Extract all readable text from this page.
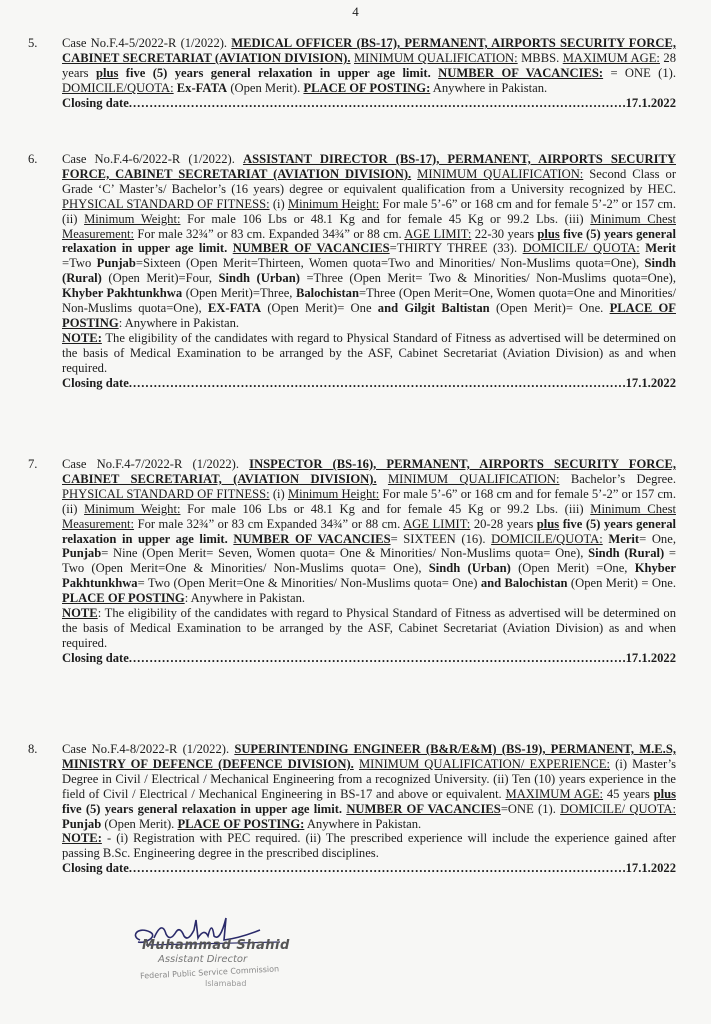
4
5. Case No.F.4-5/2022-R (1/2022). MEDICAL OFFICER (BS-17), PERMANENT, AIRPORTS SECURITY FORCE, CABINET SECRETARIAT (AVIATION DIVISION). MINIMUM QUALIFICATION: MBBS. MAXIMUM AGE: 28 years plus five (5) years general relaxation in upper age limit. NUMBER OF VACANCIES: = ONE (1). DOMICILE/QUOTA: Ex-FATA (Open Merit). PLACE OF POSTING: Anywhere in Pakistan.
Closing date .....	17.1.2022
6. Case No.F.4-6/2022-R (1/2022). ASSISTANT DIRECTOR (BS-17), PERMANENT, AIRPORTS SECURITY FORCE, CABINET SECRETARIAT (AVIATION DIVISION). MINIMUM QUALIFICATION: Second Class or Grade ‘C’ Master’s/ Bachelor’s (16 years) degree or equivalent qualification from a University recognized by HEC. PHYSICAL STANDARD OF FITNESS: (i) Minimum Height: For male 5’-6” or 168 cm and for female 5’-2” or 157 cm. (ii) Minimum Weight: For male 106 Lbs or 48.1 Kg and for female 45 Kg or 99.2 Lbs. (iii) Minimum Chest Measurement: For male 32¾” or 83 cm. Expanded 34¾” or 88 cm. AGE LIMIT: 22-30 years plus five (5) years general relaxation in upper age limit. NUMBER OF VACANCIES=THIRTY THREE (33). DOMICILE/ QUOTA: Merit =Two Punjab=Sixteen (Open Merit=Thirteen, Women quota=Two and Minorities/ Non-Muslims quota=One), Sindh (Rural) (Open Merit)=Four, Sindh (Urban) =Three (Open Merit= Two & Minorities/ Non-Muslims quota=One), Khyber Pakhtunkhwa (Open Merit)=Three, Balochistan=Three (Open Merit=One, Women quota=One and Minorities/ Non-Muslims quota=One), EX-FATA (Open Merit)= One and Gilgit Baltistan (Open Merit)= One. PLACE OF POSTING: Anywhere in Pakistan.
NOTE: The eligibility of the candidates with regard to Physical Standard of Fitness as advertised will be determined on the basis of Medical Examination to be arranged by the ASF, Cabinet Secretariat (Aviation Division) as and when required.
Closing date .....	17.1.2022
7. Case No.F.4-7/2022-R (1/2022). INSPECTOR (BS-16), PERMANENT, AIRPORTS SECURITY FORCE, CABINET SECRETARIAT, (AVIATION DIVISION). MINIMUM QUALIFICATION: Bachelor’s Degree. PHYSICAL STANDARD OF FITNESS: (i) Minimum Height: For male 5’-6” or 168 cm and for female 5’-2” or 157 cm. (ii) Minimum Weight: For male 106 Lbs or 48.1 Kg and for female 45 Kg or 99.2 Lbs. (iii) Minimum Chest Measurement: For male 32¾” or 83 cm Expanded 34¾” or 88 cm. AGE LIMIT: 20-28 years plus five (5) years general relaxation in upper age limit. NUMBER OF VACANCIES= SIXTEEN (16). DOMICILE/QUOTA: Merit= One, Punjab= Nine (Open Merit= Seven, Women quota= One & Minorities/ Non-Muslims quota= One), Sindh (Rural) = Two (Open Merit=One & Minorities/ Non-Muslims quota= One), Sindh (Urban) (Open Merit) =One, Khyber Pakhtunkhwa= Two (Open Merit=One & Minorities/ Non-Muslims quota= One) and Balochistan (Open Merit) = One. PLACE OF POSTING: Anywhere in Pakistan.
NOTE: The eligibility of the candidates with regard to Physical Standard of Fitness as advertised will be determined on the basis of Medical Examination to be arranged by the ASF, Cabinet Secretariat (Aviation Division) as and when required.
Closing date .....	17.1.2022
8. Case No.F.4-8/2022-R (1/2022). SUPERINTENDING ENGINEER (B&R/E&M) (BS-19), PERMANENT, M.E.S, MINISTRY OF DEFENCE (DEFENCE DIVISION). MINIMUM QUALIFICATION/ EXPERIENCE: (i) Master’s Degree in Civil / Electrical / Mechanical Engineering from a recognized University. (ii) Ten (10) years experience in the field of Civil / Electrical / Mechanical Engineering in BS-17 and above or equivalent. MAXIMUM AGE: 45 years plus five (5) years general relaxation in upper age limit. NUMBER OF VACANCIES=ONE (1). DOMICILE/ QUOTA: Punjab (Open Merit). PLACE OF POSTING: Anywhere in Pakistan.
NOTE: - (i) Registration with PEC required. (ii) The prescribed experience will include the experience gained after passing B.Sc. Engineering degree in the prescribed disciplines.
Closing date .....	17.1.2022
Muhammad Shahid
Assistant Director
Federal Public Service Commission
Islamabad
